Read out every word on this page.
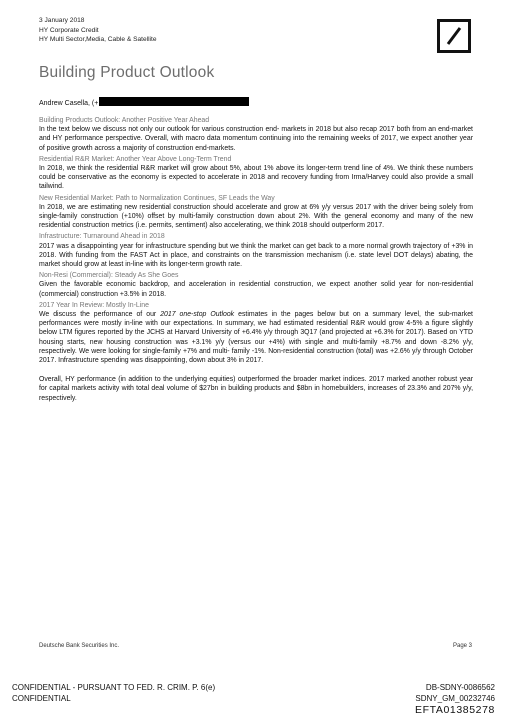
3 January 2018
HY Corporate Credit
HY Multi Sector,Media, Cable & Satellite
Building Product Outlook
Andrew Casella, (+
Building Products Outlook: Another Positive Year Ahead
In the text below we discuss not only our outlook for various construction end- markets in 2018 but also recap 2017 both from an end-market and HY performance perspective. Overall, with macro data momentum continuing into the remaining weeks of 2017, we expect another year of positive growth across a majority of construction end-markets.
Residential R&R Market: Another Year Above Long-Term Trend
In 2018, we think the residential R&R market will grow about 5%, about 1% above its longer-term trend line of 4%. We think these numbers could be conservative as the economy is expected to accelerate in 2018 and recovery funding from Irma/Harvey could also provide a small tailwind.
New Residential Market: Path to Normalization Continues, SF Leads the Way
In 2018, we are estimating new residential construction should accelerate and grow at 6% y/y versus 2017 with the driver being solely from single-family construction (+10%) offset by multi-family construction down about 2%. With the general economy and many of the new residential construction metrics (i.e. permits, sentiment) also accelerating, we think 2018 should outperform 2017.
Infrastructure: Turnaround Ahead in 2018
2017 was a disappointing year for infrastructure spending but we think the market can get back to a more normal growth trajectory of +3% in 2018. With funding from the FAST Act in place, and constraints on the transmission mechanism (i.e. state level DOT delays) abating, the market should grow at least in-line with its longer-term growth rate.
Non-Resi (Commercial): Steady As She Goes
Given the favorable economic backdrop, and acceleration in residential construction, we expect another solid year for non-residential (commercial) construction +3.5% in 2018.
2017 Year In Review: Mostly In-Line
We discuss the performance of our 2017 one-stop Outlook estimates in the pages below but on a summary level, the sub-market performances were mostly in-line with our expectations. In summary, we had estimated residential R&R would grow 4-5% a figure slightly below LTM figures reported by the JCHS at Harvard University of +6.4% y/y through 3Q17 (and projected at +6.3% for 2017). Based on YTD housing starts, new housing construction was +3.1% y/y (versus our +4%) with single and multi-family +8.7% and down -8.2% y/y, respectively. We were looking for single-family +7% and multi- family -1%. Non-residential construction (total) was +2.6% y/y through October 2017. Infrastructure spending was disappointing, down about 3% in 2017.
Overall, HY performance (in addition to the underlying equities) outperformed the broader market indices. 2017 marked another robust year for capital markets activity with total deal volume of $27bn in building products and $8bn in homebuilders, increases of 23.3% and 207% y/y, respectively.
Deutsche Bank Securities Inc.	Page 3
CONFIDENTIAL - PURSUANT TO FED. R. CRIM. P. 6(e)
CONFIDENTIAL
DB-SDNY-0086562
SDNY_GM_00232746
EFTA01385278
